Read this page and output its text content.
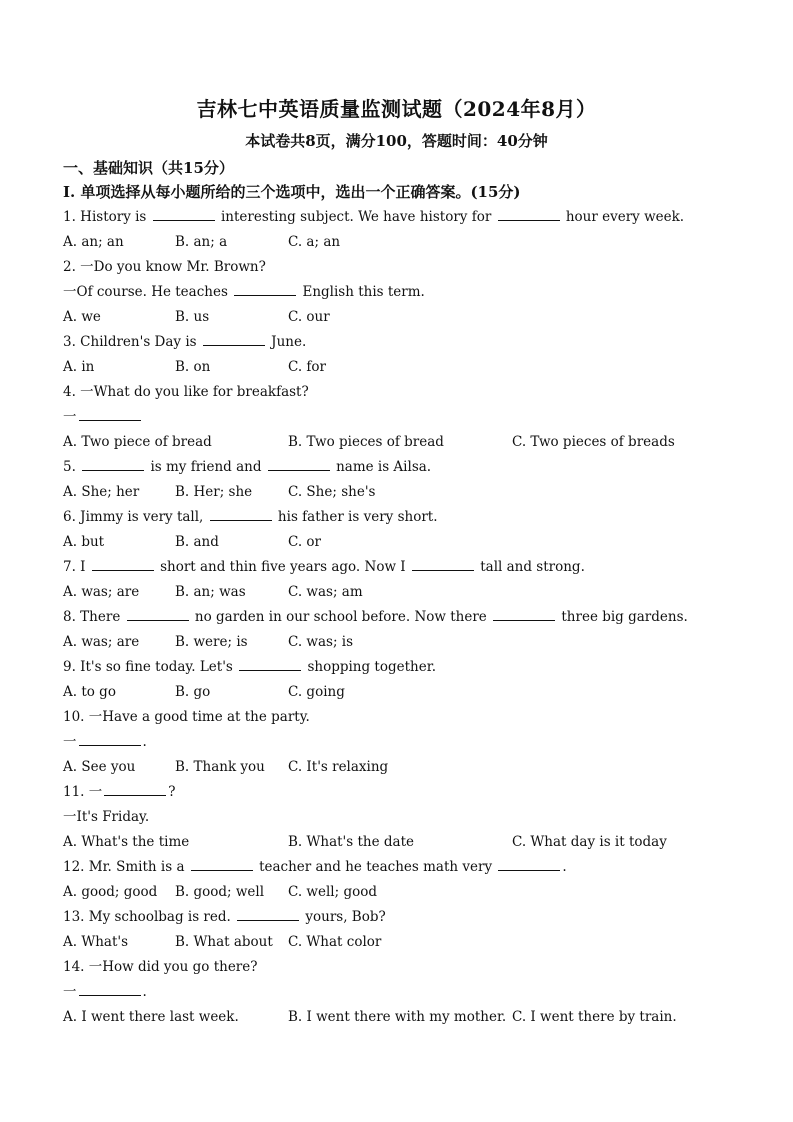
吉林七中英语质量监测试题（2024年8月）
本试卷共8页，满分100，答题时间：40分钟
一、基础知识（共15分）
I. 单项选择从每小题所给的三个选项中，选出一个正确答案。(15分)
1. History is	interesting subject. We have history for	hour every week.
A. an; an	B. an; a	C. a; an
2. 一Do you know Mr. Brown?
一Of course. He teaches	English this term.
A. we	B. us	C. our
3. Children's Day is	June.
A. in	B. on	C. for
4. 一What do you like for breakfast?
一
A. Two piece of bread	B. Two pieces of bread	C. Two pieces of breads
5.	is my friend and	name is Ailsa.
A. She; her	B. Her; she	C. She; she's
6. Jimmy is very tall,	his father is very short.
A. but	B. and	C. or
7. I	short and thin five years ago. Now I	tall and strong.
A. was; are	B. an; was	C. was; am
8. There	no garden in our school before. Now there	three big gardens.
A. was; are	B. were; is	C. was; is
9. It's so fine today. Let's	shopping together.
A. to go	B. go	C. going
10. 一Have a good time at the party.
一	.
A. See you	B. Thank you C. It's relaxing
11. 一	?
一It's Friday.
A. What's the time	B. What's the date	C. What day is it today
12. Mr. Smith is a	teacher and he teaches math very	.
A. good; good B. good; well C. well; good
13. My schoolbag is red.	yours, Bob?
A. What's	B. What about C. What color
14. 一How did you go there?
一	.
A. I went there last week.	B. I went there with my mother. C. I went there by train.
